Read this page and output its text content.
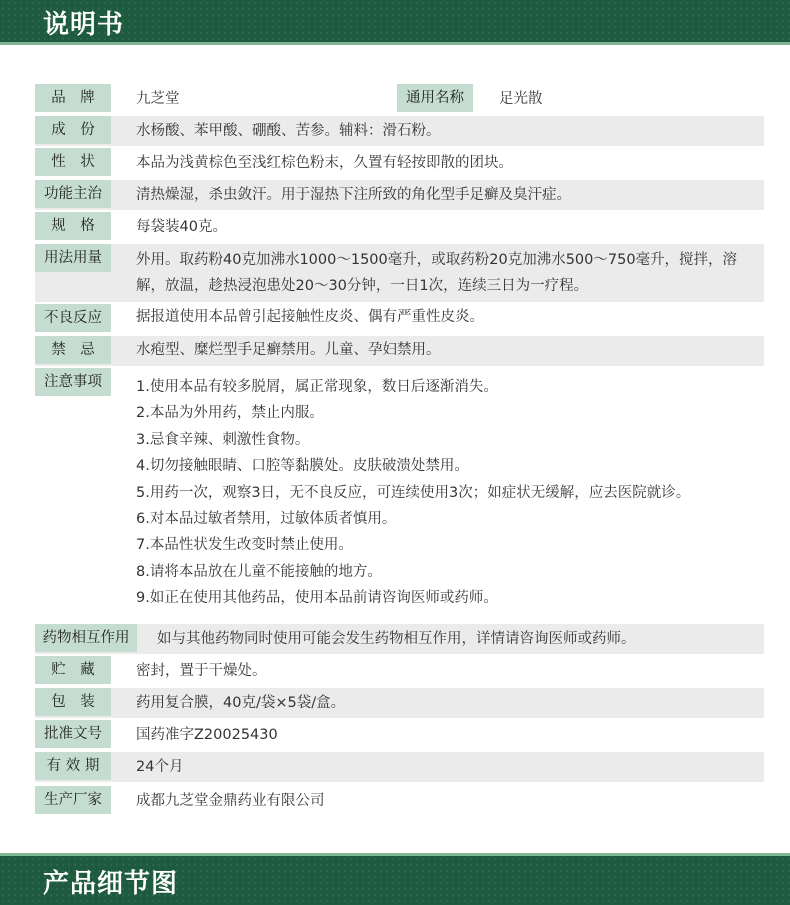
说明书
品　牌	九芝堂	通用名称	足光散
成　份	水杨酸、苯甲酸、硼酸、苦参。辅料：滑石粉。
性　状	本品为浅黄棕色至浅红棕色粉末，久置有轻按即散的团块。
功能主治	清热燥湿，杀虫敛汗。用于湿热下注所致的角化型手足癣及臭汗症。
规　格	每袋装40克。
用法用量	外用。取药粉40克加沸水1000～1500毫升，或取药粉20克加沸水500～750毫升，搅拌，溶解，放温，趁热浸泡患处20～30分钟，一日1次，连续三日为一疗程。
不良反应	据报道使用本品曾引起接触性皮炎、偶有严重性皮炎。
禁　忌	水疱型、糜烂型手足癣禁用。儿童、孕妇禁用。
注意事项	1.使用本品有较多脱屑，属正常现象，数日后逐渐消失。
2.本品为外用药，禁止内服。
3.忌食辛辣、刺激性食物。
4.切勿接触眼睛、口腔等黏膜处。皮肤破溃处禁用。
5.用药一次，观察3日，无不良反应，可连续使用3次；如症状无缓解，应去医院就诊。
6.对本品过敏者禁用，过敏体质者慎用。
7.本品性状发生改变时禁止使用。
8.请将本品放在儿童不能接触的地方。
9.如正在使用其他药品，使用本品前请咨询医师或药师。
药物相互作用	如与其他药物同时使用可能会发生药物相互作用，详情请咨询医师或药师。
贮　藏	密封，置于干燥处。
包　装	药用复合膜，40克/袋×5袋/盒。
批准文号	国药准字Z20025430
有 效 期	24个月
生产厂家	成都九芝堂金鼎药业有限公司
产品细节图
